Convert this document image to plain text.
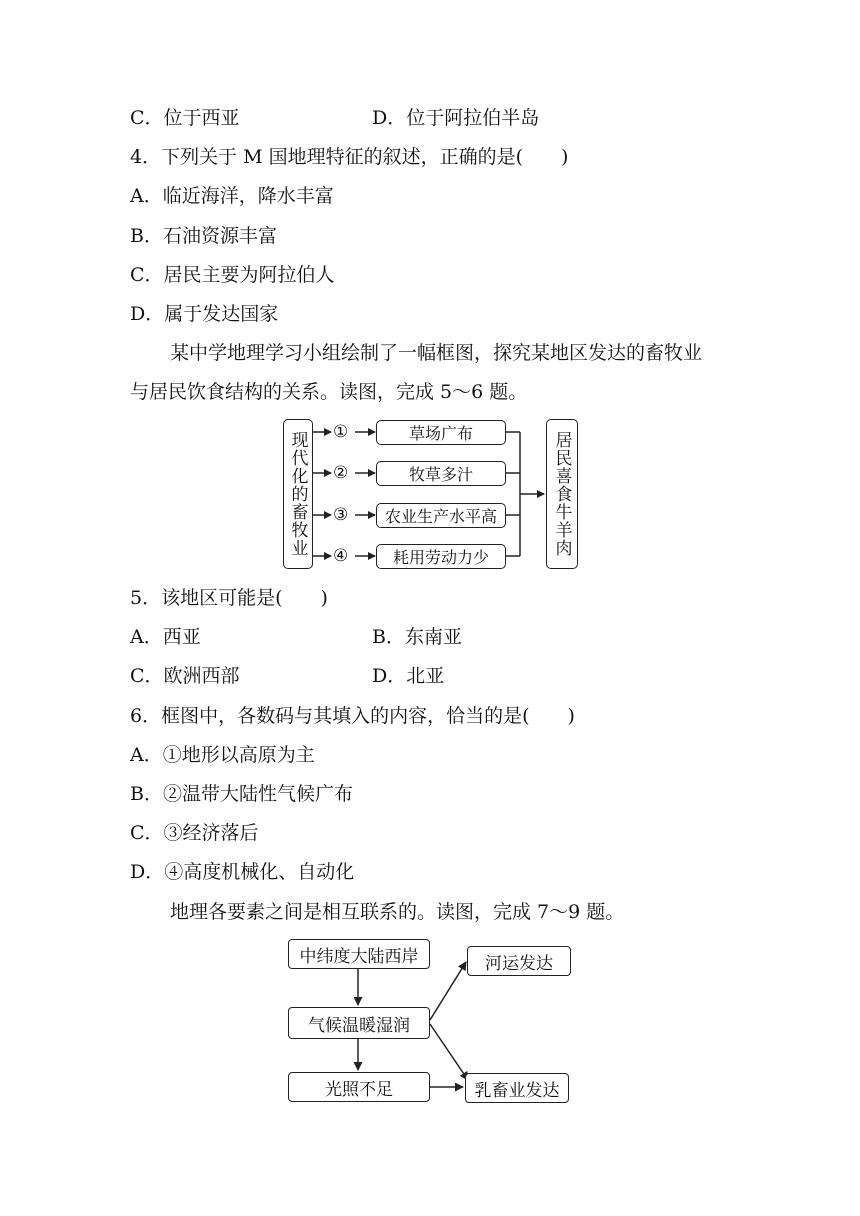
C．位于西亚	D．位于阿拉伯半岛
4．下列关于 M 国地理特征的叙述，正确的是(　　)
A．临近海洋，降水丰富
B．石油资源丰富
C．居民主要为阿拉伯人
D．属于发达国家
某中学地理学习小组绘制了一幅框图，探究某地区发达的畜牧业
与居民饮食结构的关系。读图，完成 5～6 题。
现代化的畜牧业 ①
②
③
④
草场广布
牧草多汁
农业生产水平高
耗用劳动力少
居民喜食牛羊肉
5．该地区可能是(　　)
A．西亚	B．东南亚
C．欧洲西部	D．北亚
6．框图中，各数码与其填入的内容，恰当的是(　　)
A．①地形以高原为主
B．②温带大陆性气候广布
C．③经济落后
D．④高度机械化、自动化
地理各要素之间是相互联系的。读图，完成 7～9 题。
中纬度大陆西岸
气候温暖湿润
光照不足
河运发达
乳畜业发达
